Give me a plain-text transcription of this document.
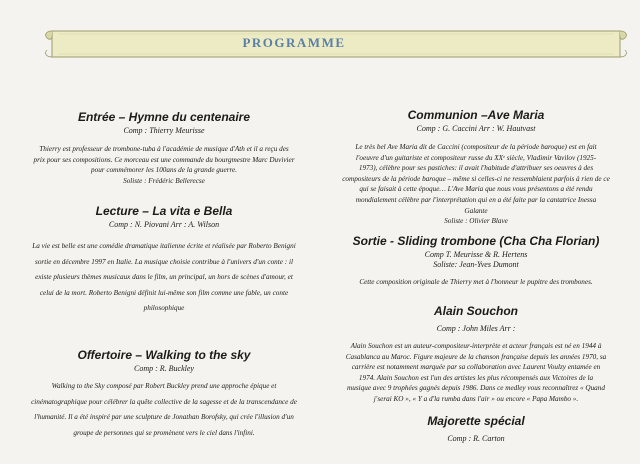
PROGRAMME
Entrée – Hymne du centenaire
Comp : Thierry Meurisse

Thierry est professeur de trombone-tuba à l'académie de musique d'Ath et il a reçu des

prix pour ses compositions. Ce morceau est une commande du bourgmestre Marc Duvivier

pour commémorer les 100ans de la grande guerre.

Soliste : Frédéric Bellerecse

Lecture – La vita e Bella
Comp : N. Piovani Arr : A. Wilson

La vie est belle est une comédie dramatique italienne écrite et réalisée par Roberto Benigni

sortie en décembre 1997 en Italie. La musique choisie contribue à l'univers d'un conte : il

existe plusieurs thèmes musicaux dans le film, un principal, un hors de scènes d'amour, et

celui de la mort. Roberto Benigni définit lui-même son film comme une fable, un conte

philosophique

Offertoire – Walking to the sky
Comp : R. Buckley

Walking to the Sky composé par Robert Buckley prend une approche épique et

cinématographique pour célébrer la quête collective de la sagesse et de la transcendance de

l'humanité. Il a été inspiré par une sculpture de Jonathan Borofsky, qui crée l'illusion d'un

groupe de personnes qui se promènent vers le ciel dans l'infini.

Communion –Ave Maria
Comp : G. Caccini Arr : W. Hautvast

Le très bel Ave Maria dit de Caccini (compositeur de la période baroque) est en fait

l'oeuvre d'un guitariste et compositeur russe du XXᵉ siècle, Vladimir Vavilov (1925-

1973), célèbre pour ses pastiches: il avait l'habitude d'attribuer ses oeuvres à des

compositeurs de la période baroque – même si celles-ci ne ressemblaient parfois à rien de ce

qui se faisait à cette époque… L'Ave Maria que nous vous présentons a été rendu

mondialement célèbre par l'interprétation qui en a été faite par la cantatrice Inessa

Galante

Soliste : Olivier Blave

Sortie - Sliding trombone (Cha Cha Florian)
Comp T. Meurisse & R. Hertens
Soliste: Jean-Yves Dumont

Cette composition originale de Thierry met à l'honneur le pupitre des trombones.

Alain Souchon
Comp : John Miles Arr :

Alain Souchon est un auteur-compositeur-interprète et acteur français est né en 1944 à

Casablanca au Maroc. Figure majeure de la chanson française depuis les années 1970, sa

carrière est notamment marquée par sa collaboration avec Laurent Voulzy entamée en

1974. Alain Souchon est l'un des artistes les plus récompensés aux Victoires de la

musique avec 9 trophées gagnés depuis 1986. Dans ce medley vous reconnaîtrez « Quand

j'serai KO », « Y a d'la rumba dans l'air » ou encore « Papa Mambo ».

Majorette spécial
Comp : R. Carton
